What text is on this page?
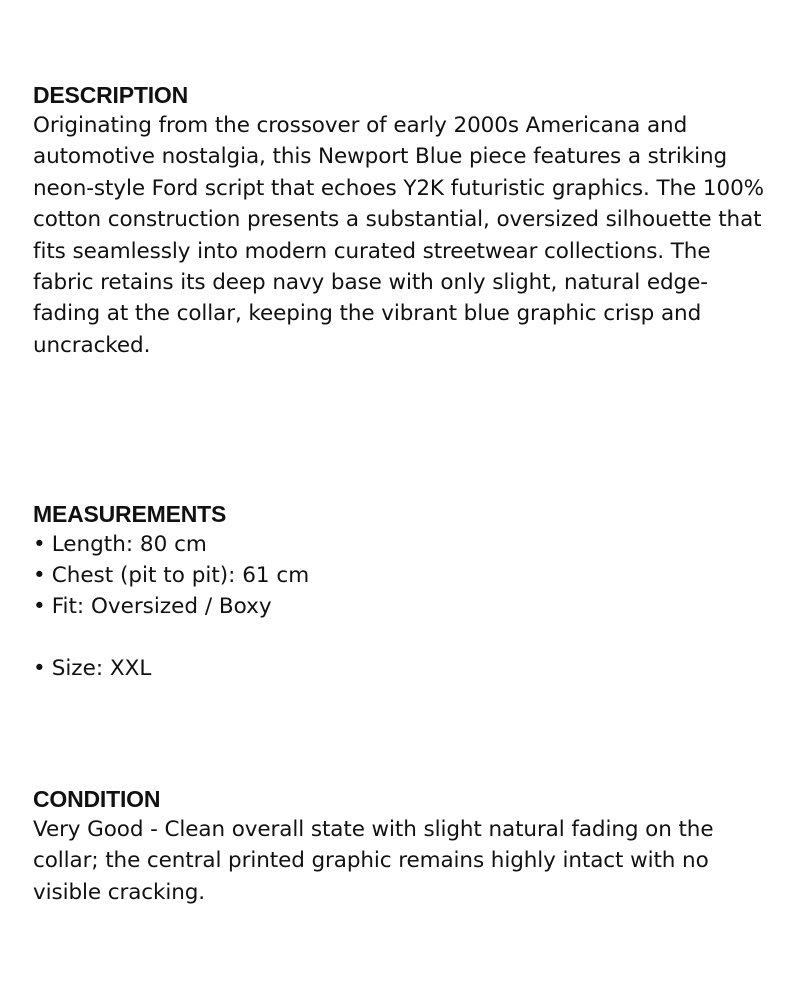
DESCRIPTION

Originating from the crossover of early 2000s Americana and automotive nostalgia, this Newport Blue piece features a striking neon-style Ford script that echoes Y2K futuristic graphics. The 100% cotton construction presents a substantial, oversized silhouette that fits seamlessly into modern curated streetwear collections. The fabric retains its deep navy base with only slight, natural edge-fading at the collar, keeping the vibrant blue graphic crisp and uncracked.

MEASUREMENTS
• Length: 80 cm
• Chest (pit to pit): 61 cm
• Fit: Oversized / Boxy
• Size: XXL
CONDITION

Very Good - Clean overall state with slight natural fading on the collar; the central printed graphic remains highly intact with no visible cracking.
